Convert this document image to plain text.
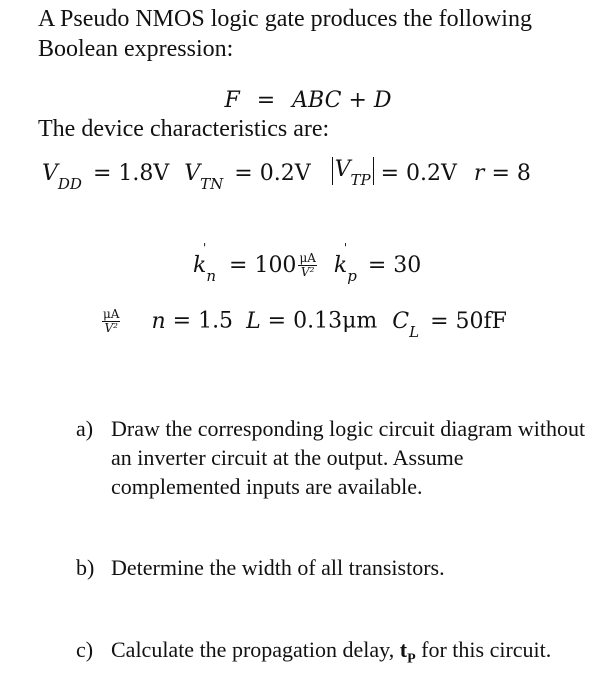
A Pseudo NMOS logic gate produces the following
Boolean expression:
F = ABC + D
The device characteristics are:
$V_{DD} = 1.8V$ $V_{TN} = 0.2V$ $V_{TP} = 0.2V$ r = 8
'
$k_n = 100 \frac{\mu A}{\text{V²}}$

'
$k_p = 30$
$\frac{\mu A}{\text{V²}}$ n = 1.5 L = 0.13μm $C_L = 50fF$
a) Draw the corresponding logic circuit diagram without an inverter circuit at the output. Assume complemented inputs are available.
b) Determine the width of all transistors.
c) Calculate the propagation delay, $t_P$ for this circuit.
